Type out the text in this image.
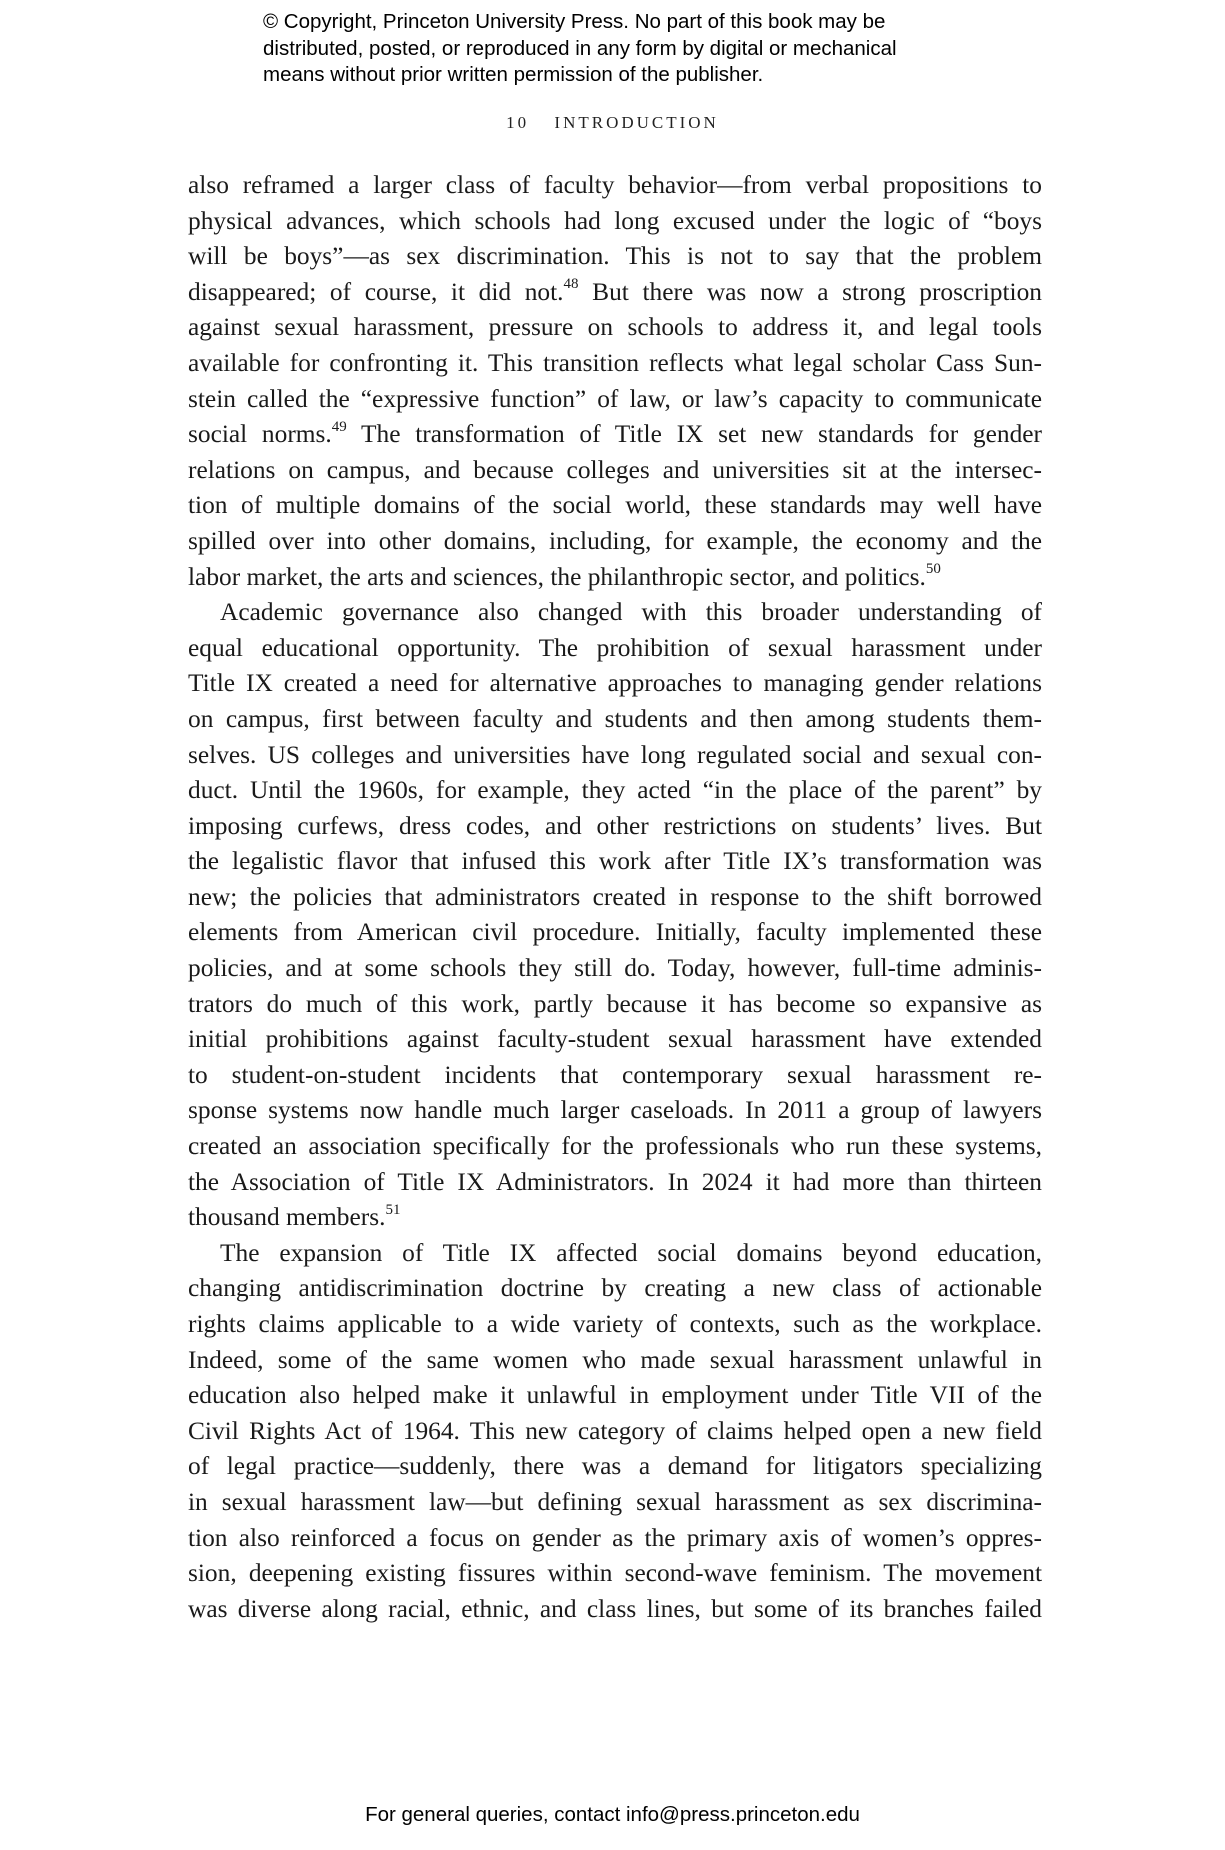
© Copyright, Princeton University Press. No part of this book may be

distributed, posted, or reproduced in any form by digital or mechanical

means without prior written permission of the publisher.

10 INTRODUCTION
also reframed a larger class of faculty behavior—from verbal propositions to
physical advances, which schools had long excused under the logic of “boys
will be boys”—as sex discrimination. This is not to say that the problem
disappeared; of course, it did not.$^{48}$ But there was now a strong proscription
against sexual harassment, pressure on schools to address it, and legal tools
available for confronting it. This transition reflects what legal scholar Cass Sun-
stein called the “expressive function” of law, or law’s capacity to communicate
social norms.$^{49}$ The transformation of Title IX set new standards for gender
relations on campus, and because colleges and universities sit at the intersec-
tion of multiple domains of the social world, these standards may well have
spilled over into other domains, including, for example, the economy and the
labor market, the arts and sciences, the philanthropic sector, and politics.$^{50}$
Academic governance also changed with this broader understanding of
equal educational opportunity. The prohibition of sexual harassment under
Title IX created a need for alternative approaches to managing gender relations
on campus, first between faculty and students and then among students them-
selves. US colleges and universities have long regulated social and sexual con-
duct. Until the 1960s, for example, they acted “in the place of the parent” by
imposing curfews, dress codes, and other restrictions on students’ lives. But
the legalistic flavor that infused this work after Title IX’s transformation was
new; the policies that administrators created in response to the shift borrowed
elements from American civil procedure. Initially, faculty implemented these
policies, and at some schools they still do. Today, however, full-time adminis-
trators do much of this work, partly because it has become so expansive as
initial prohibitions against faculty-student sexual harassment have extended
to student-on-student incidents that contemporary sexual harassment re-
sponse systems now handle much larger caseloads. In 2011 a group of lawyers
created an association specifically for the professionals who run these systems,
the Association of Title IX Administrators. In 2024 it had more than thirteen
thousand members.$^{51}$
The expansion of Title IX affected social domains beyond education,
changing antidiscrimination doctrine by creating a new class of actionable
rights claims applicable to a wide variety of contexts, such as the workplace.
Indeed, some of the same women who made sexual harassment unlawful in
education also helped make it unlawful in employment under Title VII of the
Civil Rights Act of 1964. This new category of claims helped open a new field
of legal practice—suddenly, there was a demand for litigators specializing
in sexual harassment law—but defining sexual harassment as sex discrimina-
tion also reinforced a focus on gender as the primary axis of women’s oppres-
sion, deepening existing fissures within second-wave feminism. The movement
was diverse along racial, ethnic, and class lines, but some of its branches failed
For general queries, contact info@press.princeton.edu
